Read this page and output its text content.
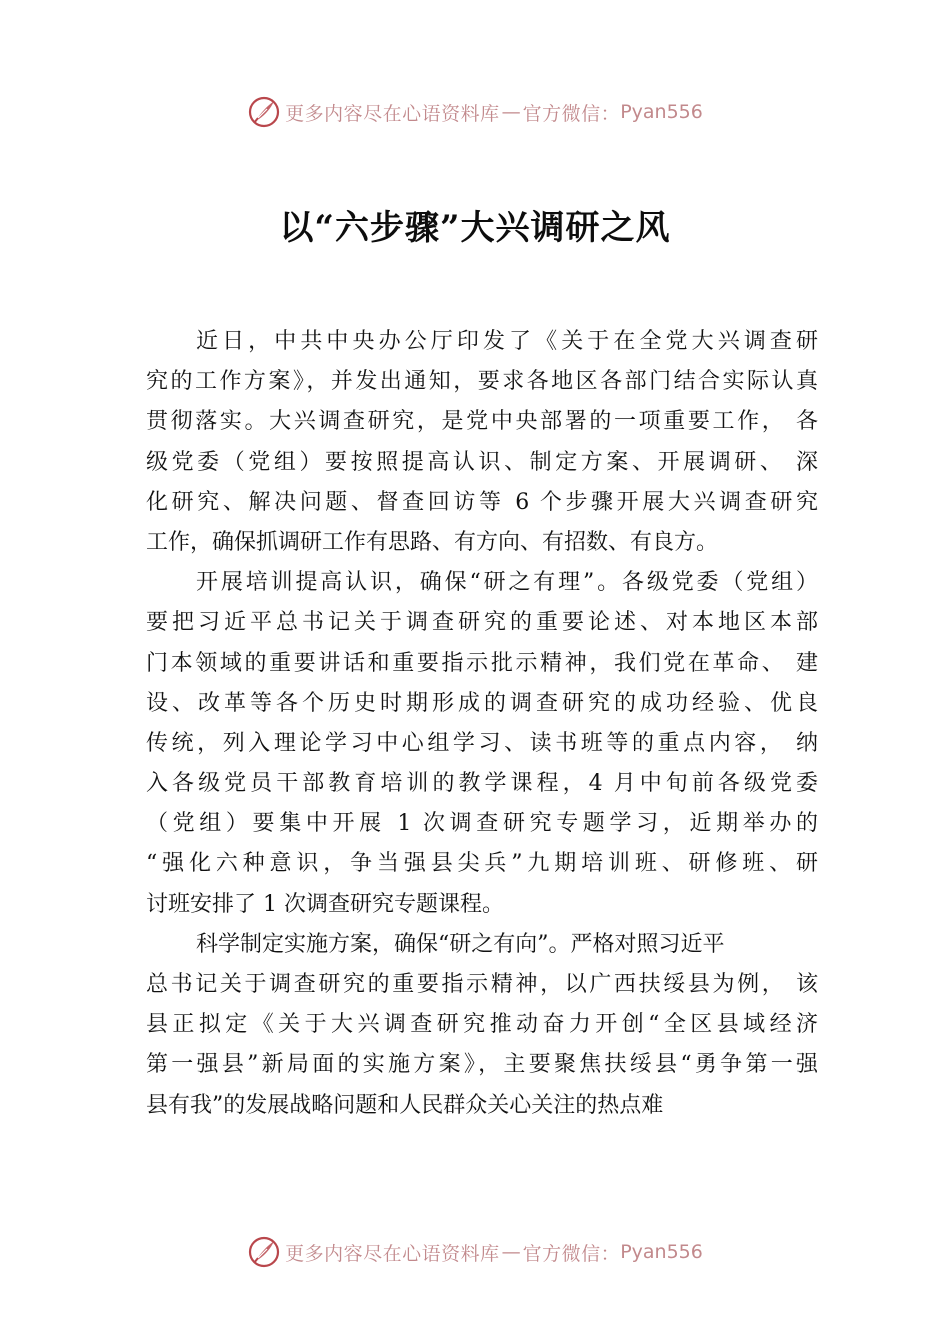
更多内容尽在心语资料库 — 官方微信： Pyan556
以“六步骤”大兴调研之风
近日，中共中央办公厅印发了《关于在全党大兴调查研
究的工作方案》，并发出通知，要求各地区各部门结合实际认真
贯彻落实。大兴调查研究，是党中央部署的一项重要工作， 各
级党委（党组）要按照提高认识、制定方案、开展调研、 深
化研究、解决问题、督查回访等 6 个步骤开展大兴调查研究
工作，确保抓调研工作有思路、有方向、有招数、有良方。
开展培训提高认识，确保“研之有理”。各级党委（党组）
要把习近平总书记关于调查研究的重要论述、对本地区本部
门本领域的重要讲话和重要指示批示精神，我们党在革命、 建
设、改革等各个历史时期形成的调查研究的成功经验、优良
传统，列入理论学习中心组学习、读书班等的重点内容， 纳
入各级党员干部教育培训的教学课程，4 月中旬前各级党委
（党组）要集中开展 1 次调查研究专题学习，近期举办的
“强化六种意识，争当强县尖兵”九期培训班、研修班、研
讨班安排了 1 次调查研究专题课程。
科学制定实施方案，确保“研之有向”。严格对照习近平
总书记关于调查研究的重要指示精神，以广西扶绥县为例， 该
县正拟定《关于大兴调查研究推动奋力开创“全区县域经济
第一强县”新局面的实施方案》，主要聚焦扶绥县“勇争第一强
县有我”的发展战略问题和人民群众关心关注的热点难
更多内容尽在心语资料库 — 官方微信： Pyan556
